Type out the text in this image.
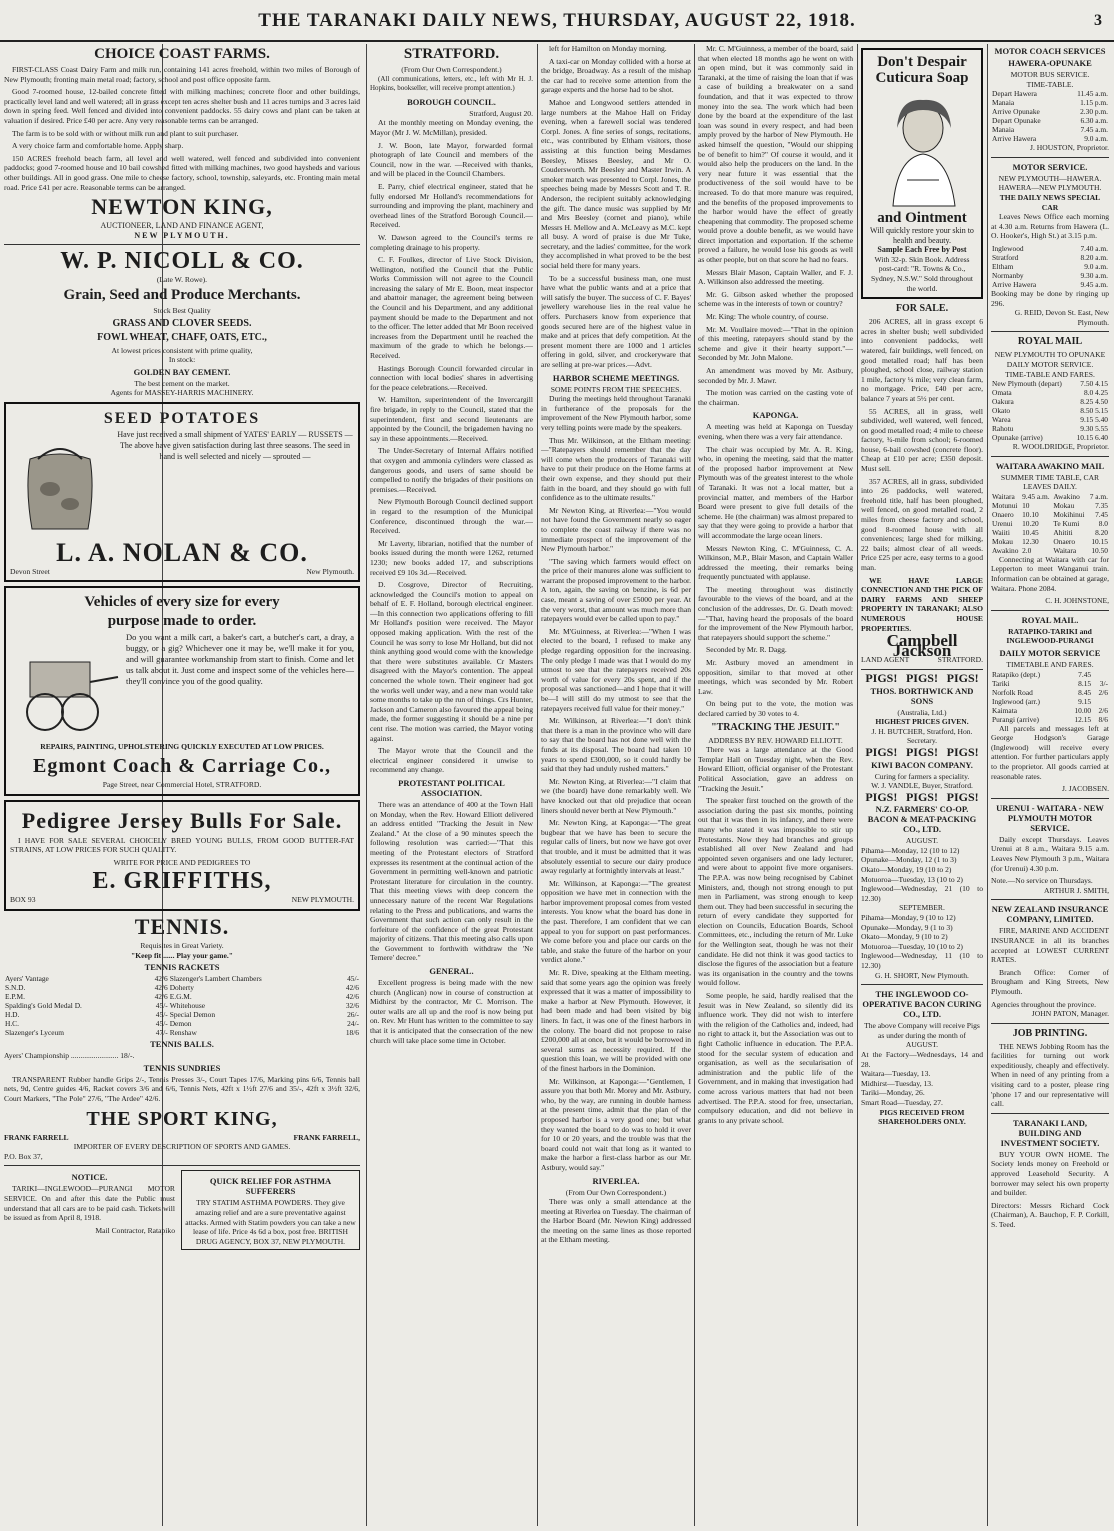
THE TARANAKI DAILY NEWS, THURSDAY, AUGUST 22, 1918.	3
CHOICE COAST FARMS.

FIRST-CLASS Coast Dairy Farm and milk run, containing 141 acres freehold, within two miles of Borough of New Plymouth; fronting main metal road; factory, school and post office opposite farm.

Good 7-roomed house, 12-bailed concrete fitted with milking machines; concrete floor and other buildings, practically level land and well watered; all in grass except ten acres shelter bush and 11 acres turnips and 3 acres laid down in spring feed. Well fenced and divided into convenient paddocks. 55 dairy cows and plant can be taken at valuation if desired. Price £40 per acre. Any very reasonable terms can be arranged.

The farm is to be sold with or without milk run and plant to suit purchaser.

A very choice farm and comfortable home. Apply sharp.

150 ACRES freehold beach farm, all level and well watered, well fenced and subdivided into convenient paddocks; good 7-roomed house and 10 bail cowshed fitted with milking machines, two good haysheds and various other buildings. All in good grass. One mile to cheese factory, school, township, saleyards, etc. Fronting main metal road. Price £41 per acre. Reasonable terms can be arranged.

NEWTON KING,
AUCTIONEER, LAND AND FINANCE AGENT,
NEW PLYMOUTH.
W. P. NICOLL & CO.
(Late W. Rowe).
Grain, Seed and Produce Merchants.
Stock Best Quality
GRASS AND CLOVER SEEDS.
FOWL WHEAT, CHAFF, OATS, ETC.,
At lowest prices consistent with prime quality,
In stock:
GOLDEN BAY CEMENT.
The best cement on the market.
Agents for MASSEY-HARRIS MACHINERY.
SEED POTATOES
Have just received a small shipment of YATES' EARLY — RUSSETS — The above have given satisfaction during last three seasons. The seed in hand is well selected and nicely — sprouted —
L. A. NOLAN & CO.
Devon Street	New Plymouth.
Vehicles of every size for every
purpose made to order.
Do you want a milk cart, a baker's cart, a butcher's cart, a dray, a buggy, or a gig? Whichever one it may be, we'll make it for you, and will guarantee workmanship from start to finish. Come and let us talk about it. Just come and inspect some of the vehicles here—they'll convince you of the good quality.
REPAIRS, PAINTING, UPHOLSTERING QUICKLY EXECUTED AT LOW PRICES.
Egmont Coach & Carriage Co.,
Page Street, near Commercial Hotel, STRATFORD.
Pedigree Jersey Bulls For Sale.

I HAVE FOR SALE SEVERAL CHOICELY BRED YOUNG BULLS, FROM GOOD BUTTER-FAT STRAINS, AT LOW PRICES FOR SUCH QUALITY.

WRITE FOR PRICE AND PEDIGREES TO
E. GRIFFITHS,
BOX 93	NEW PLYMOUTH.
TENNIS.
Requisites in Great Variety.
"Keep fit ...... Play your game."
TENNIS RACKETS
Ayers' Vantage	42/6	Slazenger's Lambert Chambers	45/-
S.N.D.	42/6	Doherty	42/6
E.P.M.	42/6	E.G.M.	42/6
Spalding's Gold Medal D.	45/-	Whitehouse	32/6
H.D.	45/-	Special Demon	26/-
H.C.	45/-	Demon	24/-
Slazenger's Lyceum	47/-	Renshaw	18/6
TENNIS BALLS.
Ayers' Championship ......................... 18/-.
TENNIS SUNDRIES

TRANSPARENT Rubber handle Grips 2/-, Tennis Presses 3/-, Court Tapes 17/6, Marking pins 6/6, Tennis ball nets, 9d, Centre guides 4/6, Racket covers 3/6 and 6/6, Tennis Nets, 42ft x 1½ft 27/6 and 35/-, 42ft x 3½ft 32/6, Court Markers, "The Pole" 27/6, "The Ardee" 42/6.

THE SPORT KING,
FRANK FARRELL	FRANK FARRELL,
IMPORTER OF EVERY DESCRIPTION OF SPORTS AND GAMES.
P.O. Box 37,
NOTICE.

TARIKI—INGLEWOOD—PURANGI MOTOR SERVICE. On and after this date the Public must understand that all cars are to be paid cash. Tickets will be issued as from April 8, 1918.

Mail Contractor, Ratapiko
QUICK RELIEF FOR ASTHMA SUFFERERS
TRY STATIM ASTHMA POWDERS. They give amazing relief and are a sure preventative against attacks. Armed with Statim powders you can take a new lease of life. Price 4s 6d a box, post free. BRITISH DRUG AGENCY, BOX 37, NEW PLYMOUTH.
STRATFORD.
(From Our Own Correspondent.)

(All communications, letters, etc., left with Mr H. J. Hopkins, bookseller, will receive prompt attention.)

BOROUGH COUNCIL.
Stratford, August 20.

At the monthly meeting on Monday evening, the Mayor (Mr J. W. McMillan), presided.

J. W. Boon, late Mayor, forwarded formal photograph of late Council and members of the Council, now in the war. —Received with thanks, and will be placed in the Council Chambers.

E. Parry, chief electrical engineer, stated that he fully endorsed Mr Holland's recommendations for surrounding and improving the plant, machinery and overhead lines of the Stratford Borough Council.—Received.

W. Dawson agreed to the Council's terms re completing drainage to his property.

C. F. Foulkes, director of Live Stock Division, Wellington, notified the Council that the Public Works Commission will not agree to the Council increasing the salary of Mr E. Boon, meat inspector and abattoir manager, the agreement being between the Council and his Department, and any additional payment should be made to the Department and not to the officer. The letter added that Mr Boon received increases from the Department until he reached the maximum of the grade to which he belongs.—Received.

Hastings Borough Council forwarded circular in connection with local bodies' shares in advertising for the peace celebrations.—Received.

W. Hamilton, superintendent of the Invercargill fire brigade, in reply to the Council, stated that the superintendent, first and second lieutenants are appointed by the Council, the brigademen having no say in these appointments.—Received.

The Under-Secretary of Internal Affairs notified that oxygen and ammonia cylinders were classed as dangerous goods, and users of same should be compelled to notify the brigades of their positions on premises.—Received.

New Plymouth Borough Council declined support in regard to the resumption of the Municipal Conference, discontinued through the war.—Received.

Mr Laverty, librarian, notified that the number of books issued during the month were 1262, returned 1230; new books added 17, and subscriptions received £9 10s 3d.—Received.

D. Cosgrove, Director of Recruiting, acknowledged the Council's motion to appeal on behalf of E. F. Holland, borough electrical engineer.—In this connection two applications offering to fill Mr Holland's position were received. The Mayor opposed making application. With the rest of the Council he was sorry to lose Mr Holland, but did not think anything good would come with the knowledge that there were substitutes available. Cr Masters disagreed with the Mayor's contention. The appeal concerned the whole town. Their engineer had got the works well under way, and a new man would take some months to take up the run of things. Crs Hunter, Jackson and Cameron also favoured the appeal being made, the former suggesting it should be a nine per cent rise. The motion was carried, the Mayor voting against.

The Mayor wrote that the Council and the electrical engineer considered it unwise to recommend any change.

PROTESTANT POLITICAL ASSOCIATION.

There was an attendance of 400 at the Town Hall on Monday, when the Rev. Howard Elliott delivered an address entitled "Tracking the Jesuit in New Zealand." At the close of a 90 minutes speech the following resolution was carried:—"That this meeting of the Protestant electors of Stratford expresses its resentment at the continual action of the Government in permitting well-known and patriotic Protestant literature for circulation in the country. That this meeting views with deep concern the unnecessary nature of the recent War Regulations relating to the Press and publications, and warns the Government that such action can only result in the forfeiture of the confidence of the great Protestant majority of citizens. That this meeting also calls upon the Government to forthwith withdraw the 'Ne Temere' decree."

GENERAL.

Excellent progress is being made with the new church (Anglican) now in course of construction at Midhirst by the contractor, Mr C. Morrison. The outer walls are all up and the roof is now being put on. Rev. Mr Hunt has written to the committee to say that it is anticipated that the consecration of the new church will take place some time in October.

left for Hamilton on Monday morning.

A taxi-car on Monday collided with a horse at the bridge, Broadway. As a result of the mishap the car had to receive some attention from the garage experts and the horse had to be shot.

Mahoe and Longwood settlers attended in large numbers at the Mahoe Hall on Friday evening, when a farewell social was tendered Corpl. Jones. A fine series of songs, recitations, etc., was contributed by Eltham visitors, those assisting at this function being Mesdames Beesley, Misses Beesley, and Mr O. Coudersworth. Mr Beesley and Master Irwin. A smoker match was presented to Corpl. Jones, the speeches being made by Messrs Scott and T. R. Anderson, the recipient suitably acknowledging the gift. The dance music was supplied by Mr and Mrs Beesley (cornet and piano), while Messrs H. Mellow and A. McLeavy as M.C. kept all busy. A word of praise is due Mr Tuke, secretary, and the ladies' committee, for the work they accomplished in what proved to be the best social held there for many years.

To be a successful business man, one must have what the public wants and at a price that will satisfy the buyer. The success of C. F. Bayes' jewellery warehouse lies in the real value he offers. Purchasers know from experience that goods secured here are of the highest value in make and at prices that defy competition. At the present moment there are 1000 and 1 articles offering in gold, silver, and crockeryware that are selling at pre-war prices.—Advt.

HARBOR SCHEME MEETINGS.
SOME POINTS FROM THE SPEECHES.

During the meetings held throughout Taranaki in furtherance of the proposals for the improvement of the New Plymouth harbor, some very telling points were made by the speakers.

Thus Mr. Wilkinson, at the Eltham meeting:—"Ratepayers should remember that the day will come when the producers of Taranaki will have to put their produce on the Home farms at their own expense, and they should put their faith in the board, and they should go with full confidence as to the ultimate results."

Mr Newton King, at Riverlea:—"You would not have found the Government nearly so eager to complete the coast railway if there was no immediate prospect of the improvement of the New Plymouth harbor."

"The saving which farmers would effect on the price of their manures alone was sufficient to warrant the proposed improvement to the harbor. A ton, again, the saving on benzine, is 6d per case, meant a saving of over £5000 per year. At the very worst, that amount was much more than ratepayers would ever be called upon to pay."

Mr. M'Guinness, at Riverlea:—"When I was elected to the board, I refused to make any pledge regarding opposition for the increasing. The only pledge I made was that I would do my utmost to see that the ratepayers received 20s worth of value for every 20s spent, and if the proposal was sanctioned—and I hope that it will be—I will still do my utmost to see that the ratepayers received full value for their money."

Mr. Wilkinson, at Riverlea:—"I don't think that there is a man in the province who will dare to say that the board has not done well with the funds at its disposal. The board had taken 10 years to spend £300,000, so it could hardly be said that they had unduly rushed matters."

Mr. Newton King, at Riverlea:—"I claim that we (the board) have done remarkably well. We have knocked out that old prejudice that ocean liners should never berth at New Plymouth."

Mr. Newton King, at Kaponga:—"The great bugbear that we have has been to secure the regular calls of liners, but now we have got over that trouble, and it must be admitted that it was absolutely essential to secure our dairy produce away regularly at fortnightly intervals at least."

Mr. Wilkinson, at Kaponga:—"The greatest opposition we have met in connection with the harbor improvement proposal comes from vested interests. You know what the board has done in the past. Therefore, I am confident that we can appeal to you for support on past performances. We come before you and place our cards on the table, and stake the future of the harbor on your verdict alone."

Mr. R. Dive, speaking at the Eltham meeting, said that some years ago the opinion was freely expressed that it was a matter of impossibility to make a harbor at New Plymouth. However, it had been made and had been visited by big liners. In fact, it was one of the finest harbors in the colony. The board did not propose to raise £200,000 all at once, but it would be borrowed in several sums as necessity required. If the question this loan, we will be provided with one of the finest harbors in the Dominion.

Mr. Wilkinson, at Kaponga:—"Gentlemen, I assure you that both Mr. Morey and Mr. Astbury, who, by the way, are running in double harness at the present time, admit that the plan of the proposed harbor is a very good one; but what they wanted the board to do was to hold it over for 10 or 20 years, and the trouble was that the board could not wait that long as it wanted to make the harbor a first-class harbor as our Mr. Astbury, would say."

RIVERLEA.
(From Our Own Correspondent.)

There was only a small attendance at the meeting at Riverlea on Tuesday. The chairman of the Harbor Board (Mr. Newton King) addressed the meeting on the same lines as those reported at the Eltham meeting.

Mr. C. M'Guinness, a member of the board, said that when elected 18 months ago he went on with an open mind, but it was commonly said in Taranaki, at the time of raising the loan that if was a case of building a breakwater on a sand foundation, and that it was expected to throw money into the sea. The work which had been done by the board at the expenditure of the last loan was sound in every respect, and had been amply proved by the harbor of New Plymouth. He asked himself the question, "Would our shipping be of benefit to him?" Of course it would, and it would also help the producers on the land. In the very near future it was essential that the productiveness of the soil would have to be increased. To do that more manure was required, and the benefits of the proposed improvements to the harbor would have the effect of greatly cheapening that commodity. The proposed scheme would prove a double benefit, as we would have direct importation and exportation. If the scheme proved a failure, he would lose his goods as well as other people, but on that score he had no fears.

Messrs Blair Mason, Captain Waller, and F. J. A. Wilkinson also addressed the meeting.

Mr. G. Gibson asked whether the proposed scheme was in the interests of town or country?

Mr. King: The whole country, of course.

Mr. M. Voullaire moved:—"That in the opinion of this meeting, ratepayers should stand by the scheme and give it their hearty support."—Seconded by Mr. John Malone.

An amendment was moved by Mr. Astbury, seconded by Mr. J. Mawr.

The motion was carried on the casting vote of the chairman.

KAPONGA.

A meeting was held at Kaponga on Tuesday evening, when there was a very fair attendance.

The chair was occupied by Mr. A. R. King, who, in opening the meeting, said that the matter of the proposed harbor improvement at New Plymouth was of the greatest interest to the whole of Taranaki. It was not a local matter, but a provincial matter, and members of the Harbor Board were present to give full details of the scheme. He (the chairman) was almost prepared to say that they were going to provide a harbor that will accommodate the large ocean liners.

Messrs Newton King, C. M'Guinness, C. A. Wilkinson, M.P., Blair Mason, and Captain Waller addressed the meeting, their remarks being frequently punctuated with applause.

The meeting throughout was distinctly favourable to the views of the board, and at the conclusion of the addresses, Dr. G. Death moved:—"That, having heard the proposals of the board for the improvement of the New Plymouth harbor, that ratepayers should support the scheme."

Seconded by Mr. R. Dagg.

Mr. Astbury moved an amendment in opposition, similar to that moved at other meetings, which was seconded by Mr. Robert Law.

On being put to the vote, the motion was declared carried by 30 votes to 4.

"TRACKING THE JESUIT."
ADDRESS BY REV. HOWARD ELLIOTT.

There was a large attendance at the Good Templar Hall on Tuesday night, when the Rev. Howard Elliott, official organiser of the Protestant Political Association, gave an address on "Tracking the Jesuit."

The speaker first touched on the growth of the association during the past six months, pointing out that it was then in its infancy, and there were many who stated it was impossible to stir up Protestants. Now they had branches and groups established all over New Zealand and had appointed seven organisers and one lady lecturer, and were about to appoint five more organisers. The P.P.A. was now being recognised by Cabinet Ministers, and, though not strong enough to put men in Parliament, was strong enough to keep them out. They had been successful in securing the return of every candidate they supported for election on Councils, Education Boards, School Committees, etc., including the return of Mr. Luke for the Wellington seat, though he was not their candidate. He did not think it was good tactics to disclose the figures of the association but a feature was its organisation in the country and the towns would follow.

Some people, he said, hardly realised that the Jesuit was in New Zealand, so silently did its influence work. They did not wish to interfere with the religion of the Catholics and, indeed, had no right to attack it, but the Association was out to fight Catholic influence in education. The P.P.A. stood for the secular system of education and organisation, as well as the secularisation of administration and the public life of the Government, and in making that investigation had come across various matters that had not been advertised. The P.P.A. stood for free, unsectarian, compulsory education, and did not believe in grants to any private school.

Don't Despair Cuticura Soap
and Ointment
Will quickly restore your skin to health and beauty.
Sample Each Free by Post
With 32-p. Skin Book. Address post-card: "R. Towns & Co., Sydney, N.S.W." Sold throughout the world.
FOR SALE.

206 ACRES, all in grass except 6 acres in shelter bush; well subdivided into convenient paddocks, well watered, fair buildings, well fenced, on good metalled road; half has been ploughed, school close, railway station 1 mile, factory ¼ mile; very clean farm, no mortgage. Price, £40 per acre, balance 7 years at 5½ per cent.

55 ACRES, all in grass, well subdivided, well watered, well fenced, on good metalled road; 4 mile to cheese factory, ¾-mile from school; 6-roomed house, 6-bail cowshed (concrete floor). Cheap at £10 per acre; £350 deposit. Must sell.

357 ACRES, all in grass, subdivided into 26 paddocks, well watered, freehold title, half has been ploughed, well fenced, on good metalled road, 2 miles from cheese factory and school, good 8-roomed house with all conveniences; large shed for milking, 22 bails; almost clear of all weeds. Price £25 per acre, easy terms to a good man.

WE HAVE LARGE CONNECTION AND THE PICK OF DAIRY FARMS AND SHEEP PROPERTY IN TARANAKI; ALSO NUMEROUS HOUSE PROPERTIES.

Campbell Jackson
LAND AGENT	STRATFORD.
PIGS! PIGS! PIGS!
THOS. BORTHWICK AND SONS
(Australia, Ltd.)
HIGHEST PRICES GIVEN.
J. H. BUTCHER, Stratford, Hon. Secretary.
PIGS! PIGS! PIGS!
KIWI BACON COMPANY.
Curing for farmers a speciality.
W. J. VANDLE, Buyer, Stratford.
PIGS! PIGS! PIGS!
N.Z. FARMERS' CO-OP. BACON & MEAT-PACKING CO., LTD.
AUGUST.
Pihama—Monday, 12 (10 to 12)
Opunake—Monday, 12 (1 to 3)
Okato—Monday, 19 (10 to 2)
Motuoroa—Tuesday, 13 (10 to 2)
Inglewood—Wednesday, 21 (10 to 12.30)
SEPTEMBER.
Pihama—Monday, 9 (10 to 12)
Opunake—Monday, 9 (1 to 3)
Okato—Monday, 9 (10 to 2)
Motuoroa—Tuesday, 10 (10 to 2)
Inglewood—Wednesday, 11 (10 to 12.30)
G. H. SHORT, New Plymouth.
THE INGLEWOOD CO-OPERATIVE BACON CURING CO., LTD.
The above Company will receive Pigs as under during the month of
AUGUST.
At the Factory—Wednesdays, 14 and 28.
Waitara—Tuesday, 13.
Midhirst—Tuesday, 13.
Tariki—Monday, 26.
Smart Road—Tuesday, 27.
PIGS RECEIVED FROM SHAREHOLDERS ONLY.
MOTOR COACH SERVICES
HAWERA-OPUNAKE
MOTOR BUS SERVICE.
TIME-TABLE.
Depart Hawera	11.45 a.m.
Manaia	1.15 p.m.
Arrive Opunake	2.30 p.m.
Depart Opunake	6.30 a.m.
Manaia	7.45 a.m.
Arrive Hawera	9.0 a.m.
J. HOUSTON, Proprietor.
MOTOR SERVICE.
NEW PLYMOUTH—HAWERA.
HAWERA—NEW PLYMOUTH.
THE DAILY NEWS SPECIAL CAR

Leaves News Office each morning at 4.30 a.m. Returns from Hawera (L. O. Hooker's, High St.) at 3.15 p.m.

Inglewood	7.40 a.m.
Stratford	8.20 a.m.
Eltham	9.0 a.m.
Normanby	9.30 a.m.
Arrive Hawera	9.45 a.m.
Booking may be done by ringing up 296.
G. REID, Devon St. East, New Plymouth.
ROYAL MAIL
NEW PLYMOUTH TO OPUNAKE DAILY MOTOR SERVICE.
TIME-TABLE AND FARES.
New Plymouth (depart)	7.50 4.15
Omata	8.0 4.25
Oakura	8.25 4.50
Okato	8.50 5.15
Warea	9.15 5.40
Rahotu	9.30 5.55
Opunake (arrive)	10.15 6.40
R. WOOLDRIDGE, Proprietor.
WAITARA AWAKINO MAIL
SUMMER TIME TABLE, CAR LEAVES DAILY.
Waitara	9.45 a.m.	Awakino	7 a.m.
Motunui	10	Mokau	7.35
Onaero	10.10	Mokihinui	7.45
Urenui	10.20	Te Kumi	8.0
Waiiti	10.45	Ahititi	8.20
Mokau	12.30	Onaero	10.15
Awakino	2.0	Waitara	10.50

Connecting at Waitara with car for Lepperton to meet Wanganui train. Information can be obtained at garage, Waitara. Phone 2084.

C. H. JOHNSTONE,
ROYAL MAIL.
RATAPIKO-TARIKI and INGLEWOOD-PURANGI
DAILY MOTOR SERVICE
TIMETABLE AND FARES.
Ratapiko (dept.)	7.45	
Tariki	8.15	3/-
Norfolk Road	8.45	2/6
Inglewood (arr.)	9.15	
Kaimata	10.00	2/6
Purangi (arrive)	12.15	8/6

All parcels and messages left at George Hodgson's Garage (Inglewood) will receive every attention. For further particulars apply to the proprietor. All goods carried at reasonable rates.

J. JACOBSEN.
URENUI - WAITARA - NEW PLYMOUTH MOTOR SERVICE.

Daily except Thursdays. Leaves Urenui at 8 a.m., Waitara 9.15 a.m. Leaves New Plymouth 3 p.m., Waitara (for Urenui) 4.30 p.m.

Note.—No service on Thursdays.
ARTHUR J. SMITH,
NEW ZEALAND INSURANCE COMPANY, LIMITED.

FIRE, MARINE AND ACCIDENT INSURANCE in all its branches accepted at LOWEST CURRENT RATES.

Branch Office: Corner of Brougham and King Streets, New Plymouth.

Agencies throughout the province.
JOHN PATON, Manager.
JOB PRINTING.

THE NEWS Jobbing Room has the facilities for turning out work expeditiously, cheaply and effectively. When in need of any printing from a visiting card to a poster, please ring 'phone 17 and our representative will call.

TARANAKI LAND, BUILDING AND INVESTMENT SOCIETY.

BUY YOUR OWN HOME. The Society lends money on Freehold or approved Leasehold Security. A borrower may select his own property and builder.

Directors: Messrs Richard Cock (Chairman), A. Bauchop, F. P. Corkill, S. Teed.
